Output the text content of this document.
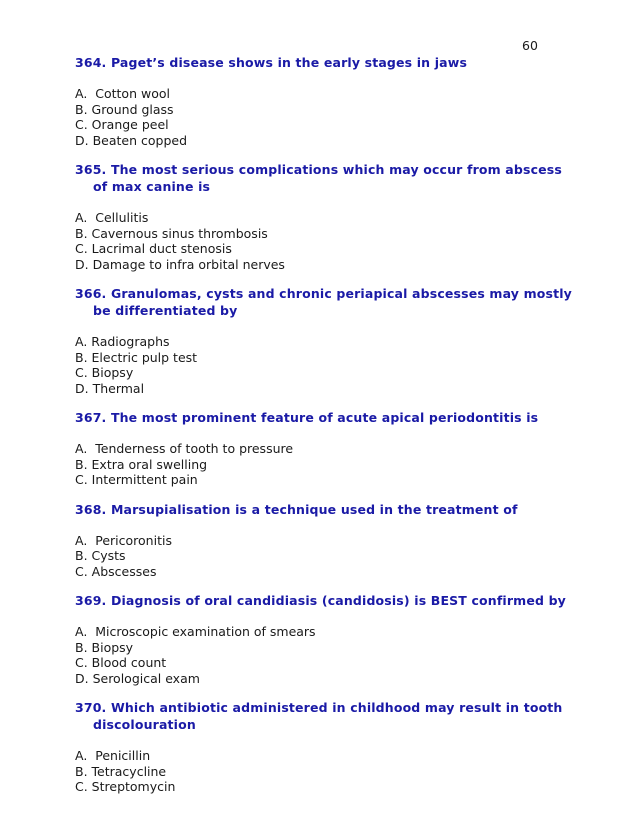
60

364. Paget’s disease shows in the early stages in jaws

A.  Cotton wool
B. Ground glass
C. Orange peel
D. Beaten copped

365. The most serious complications which may occur from abscess of max canine is

A.  Cellulitis
B. Cavernous sinus thrombosis
C. Lacrimal duct stenosis
D. Damage to infra orbital nerves

366. Granulomas, cysts and chronic periapical abscesses may mostly be differentiated by

A. Radiographs
B. Electric pulp test
C. Biopsy
D. Thermal

367. The most prominent feature of acute apical periodontitis is

A.  Tenderness of tooth to pressure
B. Extra oral swelling
C. Intermittent pain

368. Marsupialisation is a technique used in the treatment of

A.  Pericoronitis
B. Cysts
C. Abscesses

369. Diagnosis of oral candidiasis (candidosis) is BEST confirmed by

A.  Microscopic examination of smears
B. Biopsy
C. Blood count
D. Serological exam

370. Which antibiotic administered in childhood may result in tooth discolouration

A.  Penicillin
B. Tetracycline
C. Streptomycin
